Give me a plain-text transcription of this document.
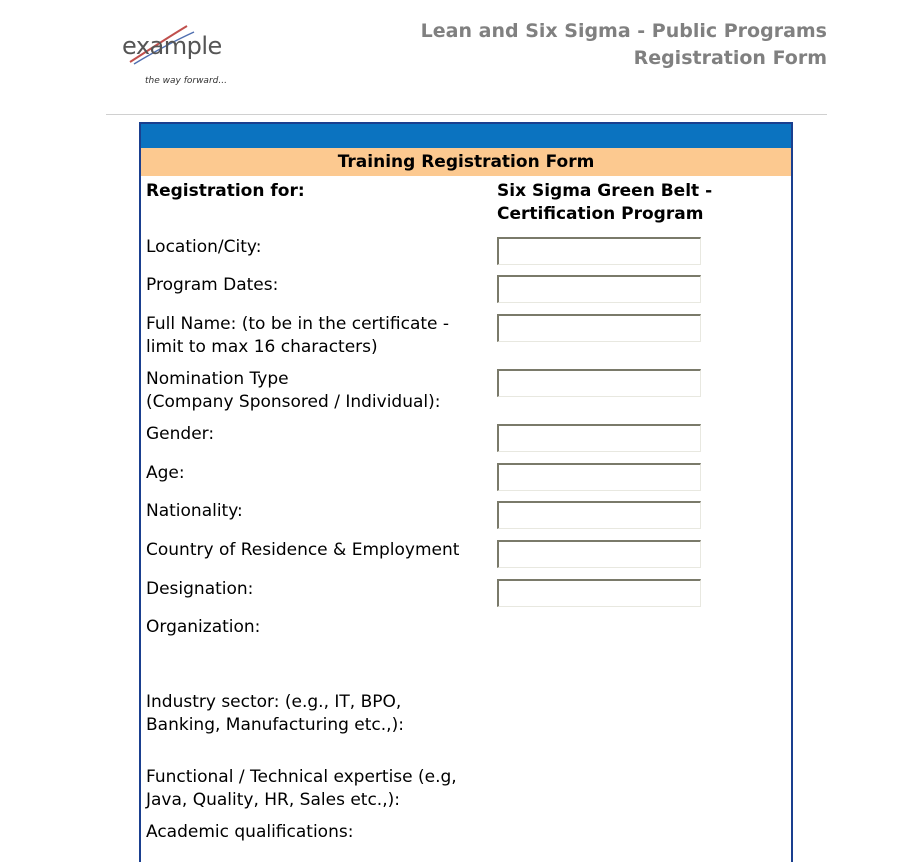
example
the way forward...
Lean and Six Sigma - Public Programs
Registration Form
Training Registration Form
Registration for:	Six Sigma Green Belt -
Certification Program
Location/City:
Program Dates:
Full Name: (to be in the certificate -
limit to max 16 characters)
Nomination Type
(Company Sponsored / Individual):
Gender:
Age:
Nationality:
Country of Residence & Employment
Designation:
Organization:
Industry sector: (e.g., IT, BPO,
Banking, Manufacturing etc.,):
Functional / Technical expertise (e.g,
Java, Quality, HR, Sales etc.,):
Academic qualifications:
